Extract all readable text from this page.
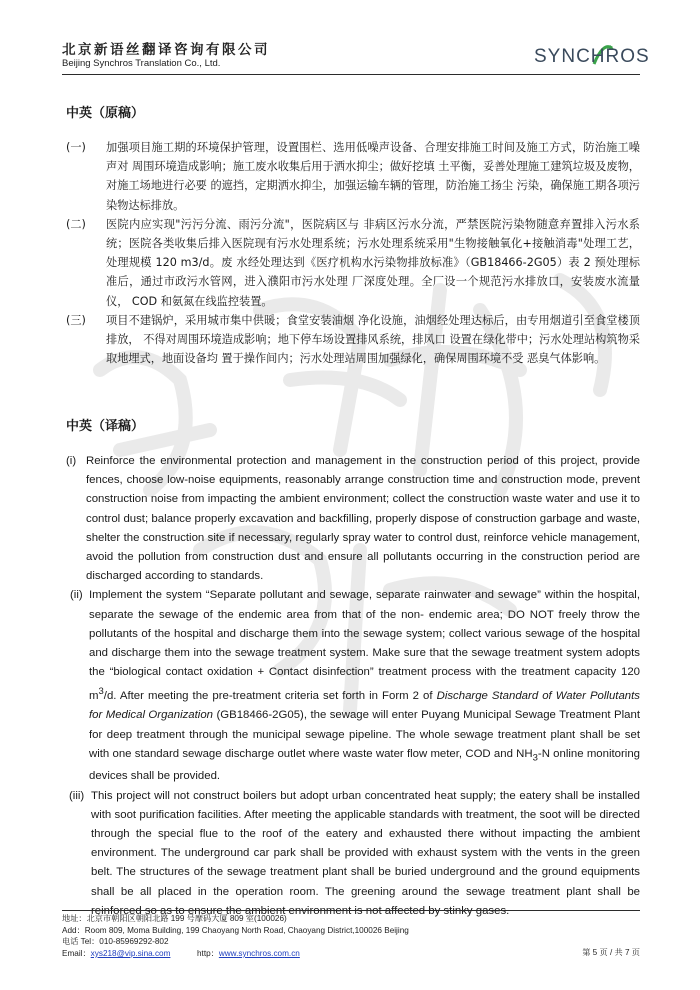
北京新语丝翻译咨询有限公司
Beijing Synchros Translation Co., Ltd.	SYNCHROS
中英（原稿）
(一) 加强项目施工期的环境保护管理，设置围栏、选用低噪声设备、合理安排施工时间及施工方式，防治施工噪声对 周围环境造成影响；施工废水收集后用于洒水抑尘；做好挖填 土平衡，妥善处理施工建筑垃圾及废物，对施工场地进行必要 的遮挡，定期洒水抑尘，加强运输车辆的管理，防治施工扬尘 污染，确保施工期各项污染物达标排放。
(二) 医院内应实现"污污分流、雨污分流"，医院病区与 非病区污水分流，严禁医院污染物随意弃置排入污水系统；医院各类收集后排入医院现有污水处理系统；污水处理系统采用"生物接触氧化+接触消毒"处理工艺，处理规模 120 m3/d。废 水经处理达到《医疗机构水污染物排放标准》（GB18466-2G05）表 2 预处理标准后，通过市政污水管网，进入濮阳市污水处理 厂深度处理。全厂设一个规范污水排放口，安装废水流量仪， COD 和氨氮在线监控装置。
(三) 项目不建锅炉，采用城市集中供暖；食堂安装油烟 净化设施，油烟经处理达标后，由专用烟道引至食堂楼顶排放， 不得对周围环境造成影响；地下停车场设置排风系统，排风口 设置在绿化带中；污水处理站构筑物采取地埋式，地面设备均 置于操作间内；污水处理站周围加强绿化，确保周围环境不受 恶臭气体影响。
中英（译稿）
(i) Reinforce the environmental protection and management in the construction period of this project, provide fences, choose low-noise equipments, reasonably arrange construction time and construction mode, prevent construction noise from impacting the ambient environment; collect the construction waste water and use it to control dust; balance properly excavation and backfilling, properly dispose of construction garbage and waste, shelter the construction site if necessary, regularly spray water to control dust, reinforce vehicle management, avoid the pollution from construction dust and ensure all pollutants occurring in the construction period are discharged according to standards.
(ii) Implement the system “Separate pollutant and sewage, separate rainwater and sewage” within the hospital, separate the sewage of the endemic area from that of the non- endemic area; DO NOT freely throw the pollutants of the hospital and discharge them into the sewage system; collect various sewage of the hospital and discharge them into the sewage treatment system. Make sure that the sewage treatment system adopts the “biological contact oxidation + Contact disinfection” treatment process with the treatment capacity 120 $m^3/d$. After meeting the pre-treatment criteria set forth in Form 2 of Discharge Standard of Water Pollutants for Medical Organization (GB18466-2G05), the sewage will enter Puyang Municipal Sewage Treatment Plant for deep treatment through the municipal sewage pipeline. The whole sewage treatment plant shall be set with one standard sewage discharge outlet where waste water flow meter, COD and $NH_3-N$ online monitoring devices shall be provided.
(iii) This project will not construct boilers but adopt urban concentrated heat supply; the eatery shall be installed with soot purification facilities. After meeting the applicable standards with treatment, the soot will be directed through the special flue to the roof of the eatery and exhausted there without impacting the ambient environment. The underground car park shall be provided with exhaust system with the vents in the green belt. The structures of the sewage treatment plant shall be buried underground and the ground equipments shall be all placed in the operation room. The greening around the sewage treatment plant shall be
地址：北京市朝阳区朝阳北路 199 号摩码大厦 809 室(100026)
Add：Room 809, Moma Building, 199 Chaoyang North Road, Chaoyang District,100026 Beijing
电话 Tel：010-85969292-802
Email：xys218@vip.sina.com	http：www.synchros.com.cn	第 5 页 / 共 7 页
